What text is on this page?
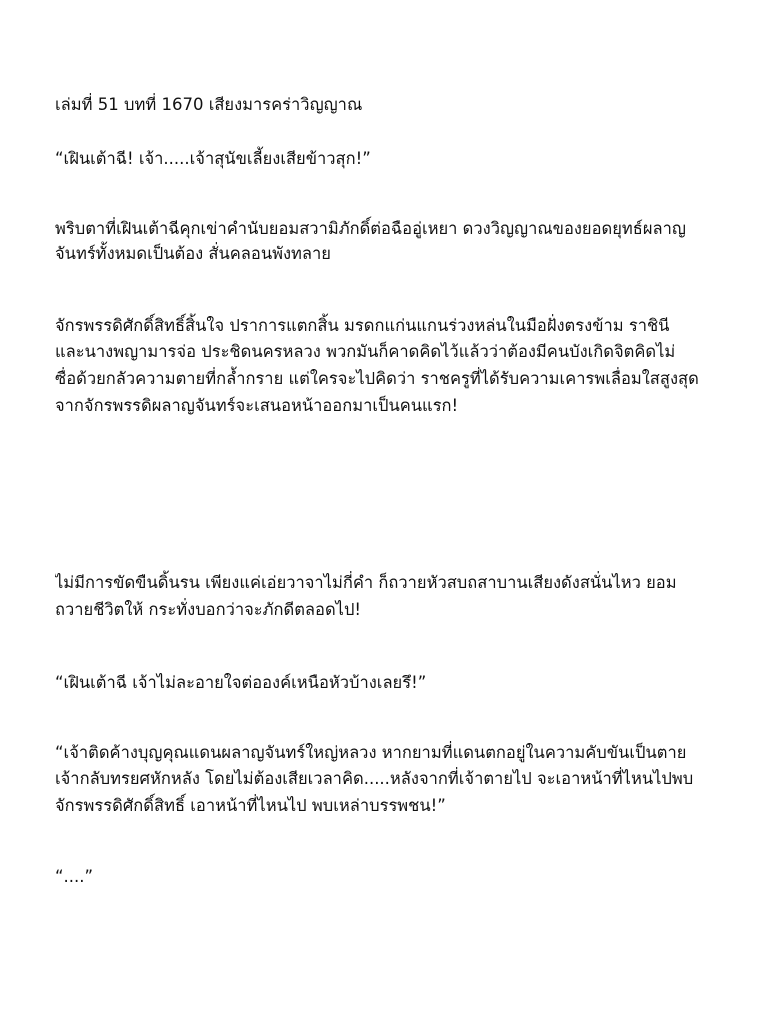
เล่มที่ 51 บทที่ 1670 เสียงมารคร่าวิญญาณ
“เฝินเต้าฉี! เจ้า.....เจ้าสุนัขเลี้ยงเสียข้าวสุก!”
พริบตาที่เฝินเต้าฉีคุกเข่าคำนับยอมสวามิภักดิ์ต่อฉืออู่เหยา ดวงวิญญาณของยอดยุทธ์ผลาญ
จันทร์ทั้งหมดเป็นต้อง สั่นคลอนพังทลาย
จักรพรรดิศักดิ์สิทธิ์สิ้นใจ ปราการแตกสิ้น มรดกแก่นแกนร่วงหล่นในมือฝั่งตรงข้าม ราชินี
และนางพญามารจ่อ ประชิดนครหลวง พวกมันก็คาดคิดไว้แล้วว่าต้องมีคนบังเกิดจิตคิดไม่
ซื่อด้วยกลัวความตายที่กล้ำกราย แต่ใครจะไปคิดว่า ราชครูที่ได้รับความเคารพเลื่อมใสสูงสุด
จากจักรพรรดิผลาญจันทร์จะเสนอหน้าออกมาเป็นคนแรก!
ไม่มีการขัดขืนดิ้นรน เพียงแค่เอ่ยวาจาไม่กี่คำ ก็ถวายหัวสบถสาบานเสียงดังสนั่นไหว ยอม
ถวายชีวิตให้ กระทั่งบอกว่าจะภักดีตลอดไป!
“เฝินเต้าฉี เจ้าไม่ละอายใจต่อองค์เหนือหัวบ้างเลยรึ!”
“เจ้าติดค้างบุญคุณแดนผลาญจันทร์ใหญ่หลวง หากยามที่แดนตกอยู่ในความคับขันเป็นตาย
เจ้ากลับทรยศหักหลัง โดยไม่ต้องเสียเวลาคิด.....หลังจากที่เจ้าตายไป จะเอาหน้าที่ไหนไปพบ
จักรพรรดิศักดิ์สิทธิ์ เอาหน้าที่ไหนไป พบเหล่าบรรพชน!”
“....”
